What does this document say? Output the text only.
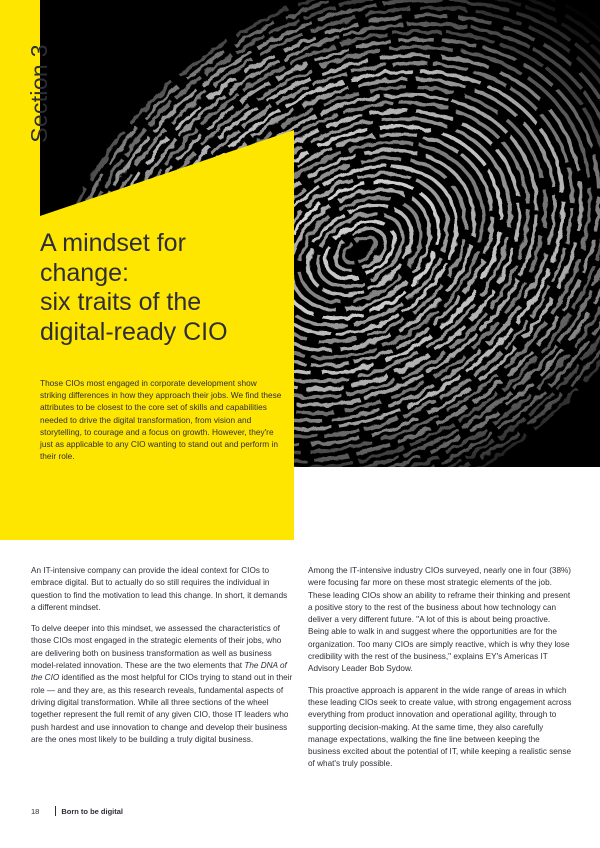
Section 3
A mindset for
change:
six traits of the
digital-ready CIO

Those CIOs most engaged in corporate development show striking differences in how they approach their jobs. We find these attributes to be closest to the core set of skills and capabilities needed to drive the digital transformation, from vision and storytelling, to courage and a focus on growth. However, they're just as applicable to any CIO wanting to stand out and perform in their role.

An IT-intensive company can provide the ideal context for CIOs to embrace digital. But to actually do so still requires the individual in question to find the motivation to lead this change. In short, it demands a different mindset.

To delve deeper into this mindset, we assessed the characteristics of those CIOs most engaged in the strategic elements of their jobs, who are delivering both on business transformation as well as business model-related innovation. These are the two elements that The DNA of the CIO identified as the most helpful for CIOs trying to stand out in their role — and they are, as this research reveals, fundamental aspects of driving digital transformation. While all three sections of the wheel together represent the full remit of any given CIO, those IT leaders who push hardest and use innovation to change and develop their business are the ones most likely to be building a truly digital business.

Among the IT-intensive industry CIOs surveyed, nearly one in four (38%) were focusing far more on these most strategic elements of the job. These leading CIOs show an ability to reframe their thinking and present a positive story to the rest of the business about how technology can deliver a very different future. "A lot of this is about being proactive. Being able to walk in and suggest where the opportunities are for the organization. Too many CIOs are simply reactive, which is why they lose credibility with the rest of the business," explains EY's Americas IT Advisory Leader Bob Sydow.

This proactive approach is apparent in the wide range of areas in which these leading CIOs seek to create value, with strong engagement across everything from product innovation and operational agility, through to supporting decision-making. At the same time, they also carefully manage expectations, walking the fine line between keeping the business excited about the potential of IT, while keeping a realistic sense of what's truly possible.

18	Born to be digital
